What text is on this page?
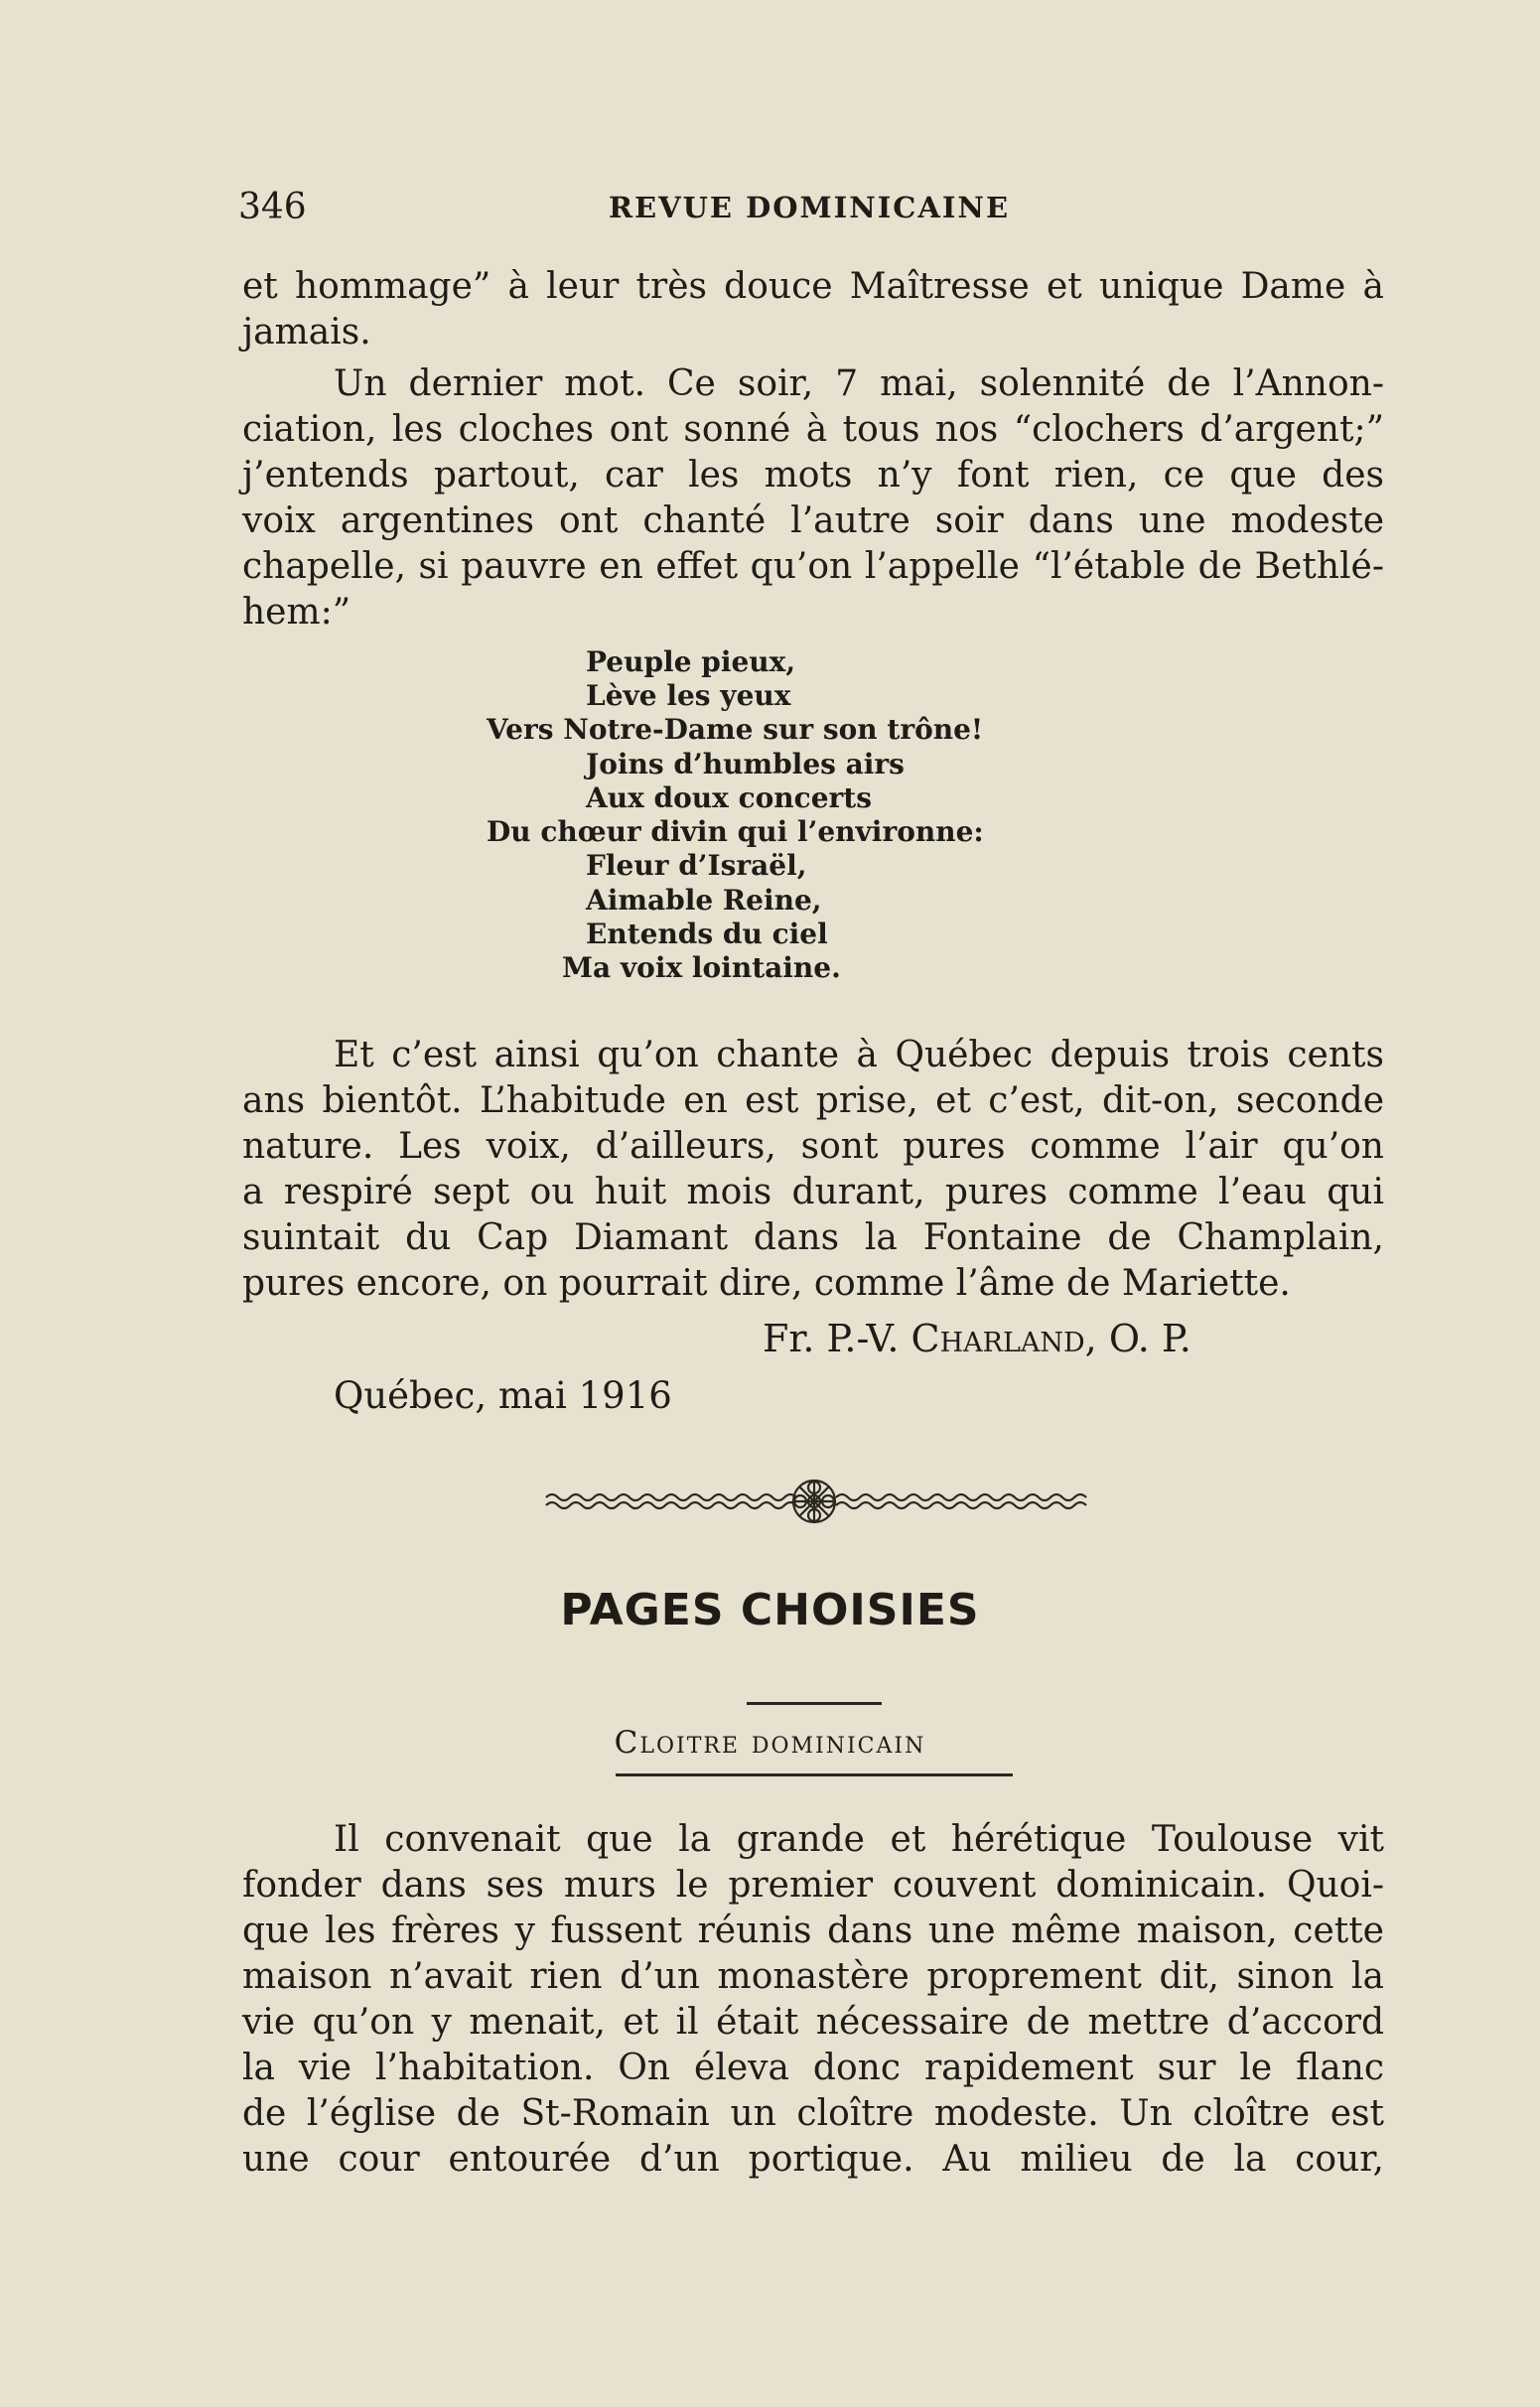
346	REVUE DOMINICAINE

et hommage” à leur très douce Maîtresse et unique Dame à
jamais.

Un dernier mot. Ce soir, 7 mai, solennité de l’Annon-
ciation, les cloches ont sonné à tous nos “clochers d’argent;”
j’entends partout, car les mots n’y font rien, ce que des
voix argentines ont chanté l’autre soir dans une modeste
chapelle, si pauvre en effet qu’on l’appelle “l’étable de Bethlé-
hem:”

Peuple pieux,
Lève les yeux
Vers Notre-Dame sur son trône!
Joins d’humbles airs
Aux doux concerts
Du chœur divin qui l’environne:
Fleur d’Israël,
Aimable Reine,
Entends du ciel
Ma voix lointaine.

Et c’est ainsi qu’on chante à Québec depuis trois cents
ans bientôt. L’habitude en est prise, et c’est, dit-on, seconde
nature. Les voix, d’ailleurs, sont pures comme l’air qu’on
a respiré sept ou huit mois durant, pures comme l’eau qui
suintait du Cap Diamant dans la Fontaine de Champlain,
pures encore, on pourrait dire, comme l’âme de Mariette.

Fr. P.-V. Charland, O. P.
Québec, mai 1916
PAGES CHOISIES
Cloitre dominicain

Il convenait que la grande et hérétique Toulouse vit
fonder dans ses murs le premier couvent dominicain. Quoi-
que les frères y fussent réunis dans une même maison, cette
maison n’avait rien d’un monastère proprement dit, sinon la
vie qu’on y menait, et il était nécessaire de mettre d’accord
la vie l’habitation. On éleva donc rapidement sur le flanc
de l’église de St-Romain un cloître modeste. Un cloître est
une cour entourée d’un portique. Au milieu de la cour,
